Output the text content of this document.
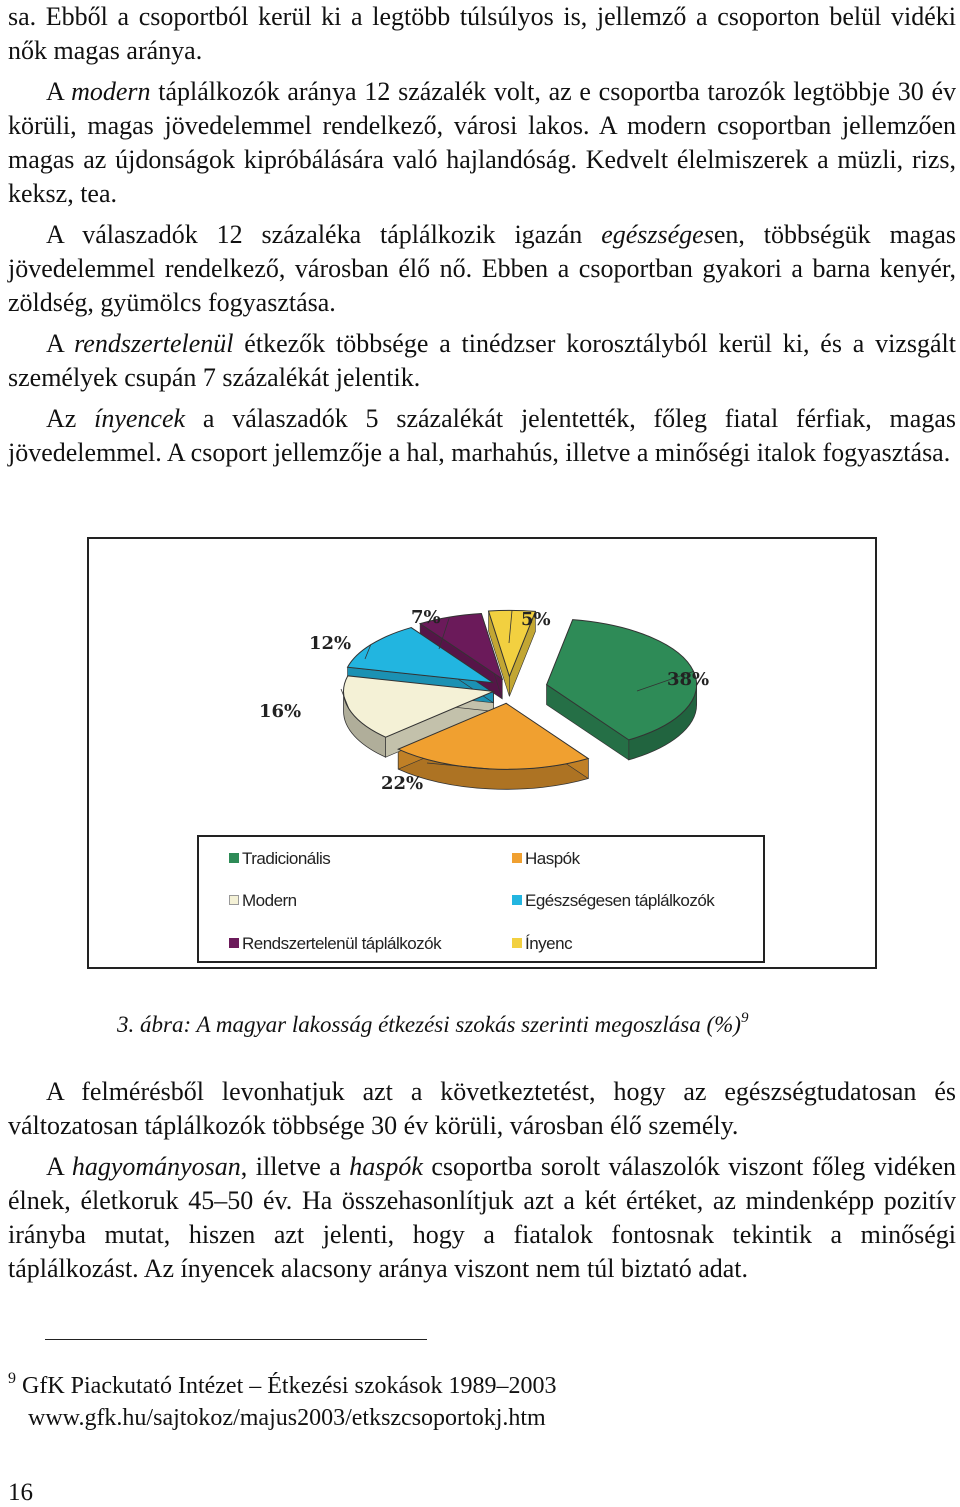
sa. Ebből a csoportból kerül ki a legtöbb túlsúlyos is, jellemző a csoporton belül vidéki nők magas aránya.

A modern táplálkozók aránya 12 százalék volt, az e csoportba tarozók legtöbbje 30 év körüli, magas jövedelemmel rendelkező, városi lakos. A modern csoportban jellemzően magas az újdonságok kipróbálására való hajlandóság. Kedvelt élelmiszerek a müzli, rizs, keksz, tea.

A válaszadók 12 százaléka táplálkozik igazán egészségesen, többségük magas jövedelemmel rendelkező, városban élő nő. Ebben a csoportban gyakori a barna kenyér, zöldség, gyümölcs fogyasztása.

A rendszertelenül étkezők többsége a tinédzser korosztályból kerül ki, és a vizsgált személyek csupán 7 százalékát jelentik.

Az ínyencek a válaszadók 5 százalékát jelentették, főleg fiatal férfiak, magas jövedelemmel. A csoport jellemzője a hal, marhahús, illetve a minőségi italok fogyasztása.

38%
22%
16%
12%
7%	5%
Tradicionális	Haspók
Modern	Egészségesen táplálkozók
Rendszertelenül táplálkozók	Ínyenc
3. ábra: A magyar lakosság étkezési szokás szerinti megoszlása (%)$^9$

A felmérésből levonhatjuk azt a következtetést, hogy az egészségtudatosan és változatosan táplálkozók többsége 30 év körüli, városban élő személy.

A hagyományosan, illetve a haspók csoportba sorolt válaszolók viszont főleg vidéken élnek, életkoruk 45–50 év. Ha összehasonlítjuk azt a két értéket, az mindenképp pozitív irányba mutat, hiszen azt jelenti, hogy a fiatalok fontosnak tekintik a minőségi táplálkozást. Az ínyencek alacsony aránya viszont nem túl biztató adat.

$^9$ GfK Piackutató Intézet – Étkezési szokások 1989–2003
www.gfk.hu/sajtokoz/majus2003/etkszcsoportokj.htm
16
